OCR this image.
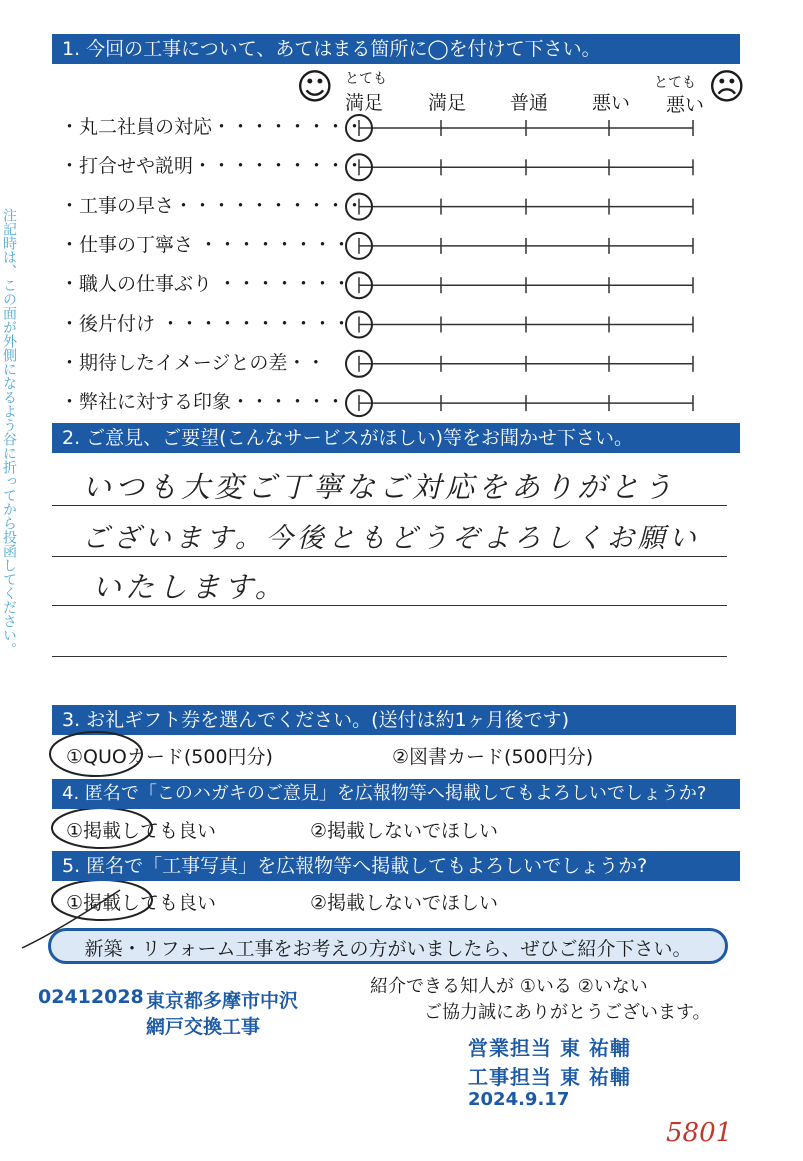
注記時は、この面が外側になるよう谷に折ってから投函してください。
1. 今回の工事について、あてはまる箇所に◯を付けて下さい。
☺	☹
とても
満足 満足 普通 悪い
とても
悪い
・丸二社員の対応・・・・・・・・
・打合せや説明・・・・・・・・・
・工事の早さ・・・・・・・・・・
・仕事の丁寧さ ・・・・・・・・
・職人の仕事ぶり ・・・・・・・
・後片付け ・・・・・・・・・・
・期待したイメージとの差・・
・弊社に対する印象・・・・・・
2. ご意見、ご要望(こんなサービスがほしい)等をお聞かせ下さい。
いつも大変ご丁寧なご対応をありがとう
ございます。今後ともどうぞよろしくお願い
いたします。
3. お礼ギフト券を選んでください。(送付は約1ヶ月後です)
①QUOカード(500円分)	②図書カード(500円分)
4. 匿名で「このハガキのご意見」を広報物等へ掲載してもよろしいでしょうか?
①掲載しても良い	②掲載しないでほしい
5. 匿名で「工事写真」を広報物等へ掲載してもよろしいでしょうか?
①掲載しても良い	②掲載しないでほしい
新築・リフォーム工事をお考えの方がいましたら、ぜひご紹介下さい。
紹介できる知人が ①いる ②いない
ご協力誠にありがとうございます。
02412028 東京都多摩市中沢
網戸交換工事
営業担当 東 祐輔
工事担当 東 祐輔
2024.9.17
5801
